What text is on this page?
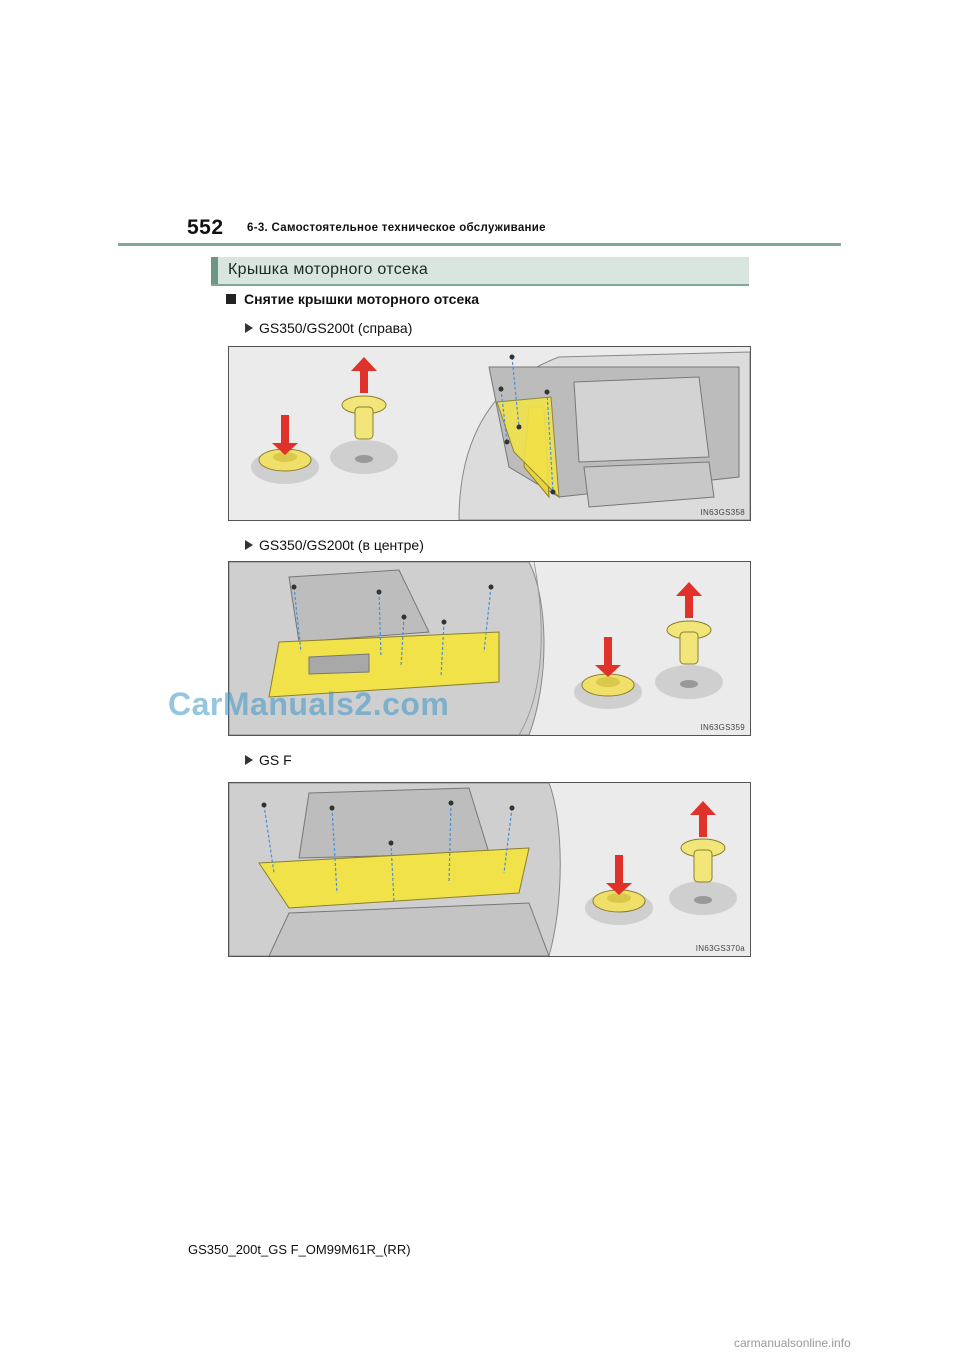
552 6-3. Самостоятельное техническое обслуживание
Крышка моторного отсека
Снятие крышки моторного отсека
GS350/GS200t (справа)
IN63GS358
GS350/GS200t (в центре)
IN63GS359
GS F
IN63GS370a
CarManuals2.com
GS350_200t_GS F_OM99M61R_(RR)
carmanualsonline.info
